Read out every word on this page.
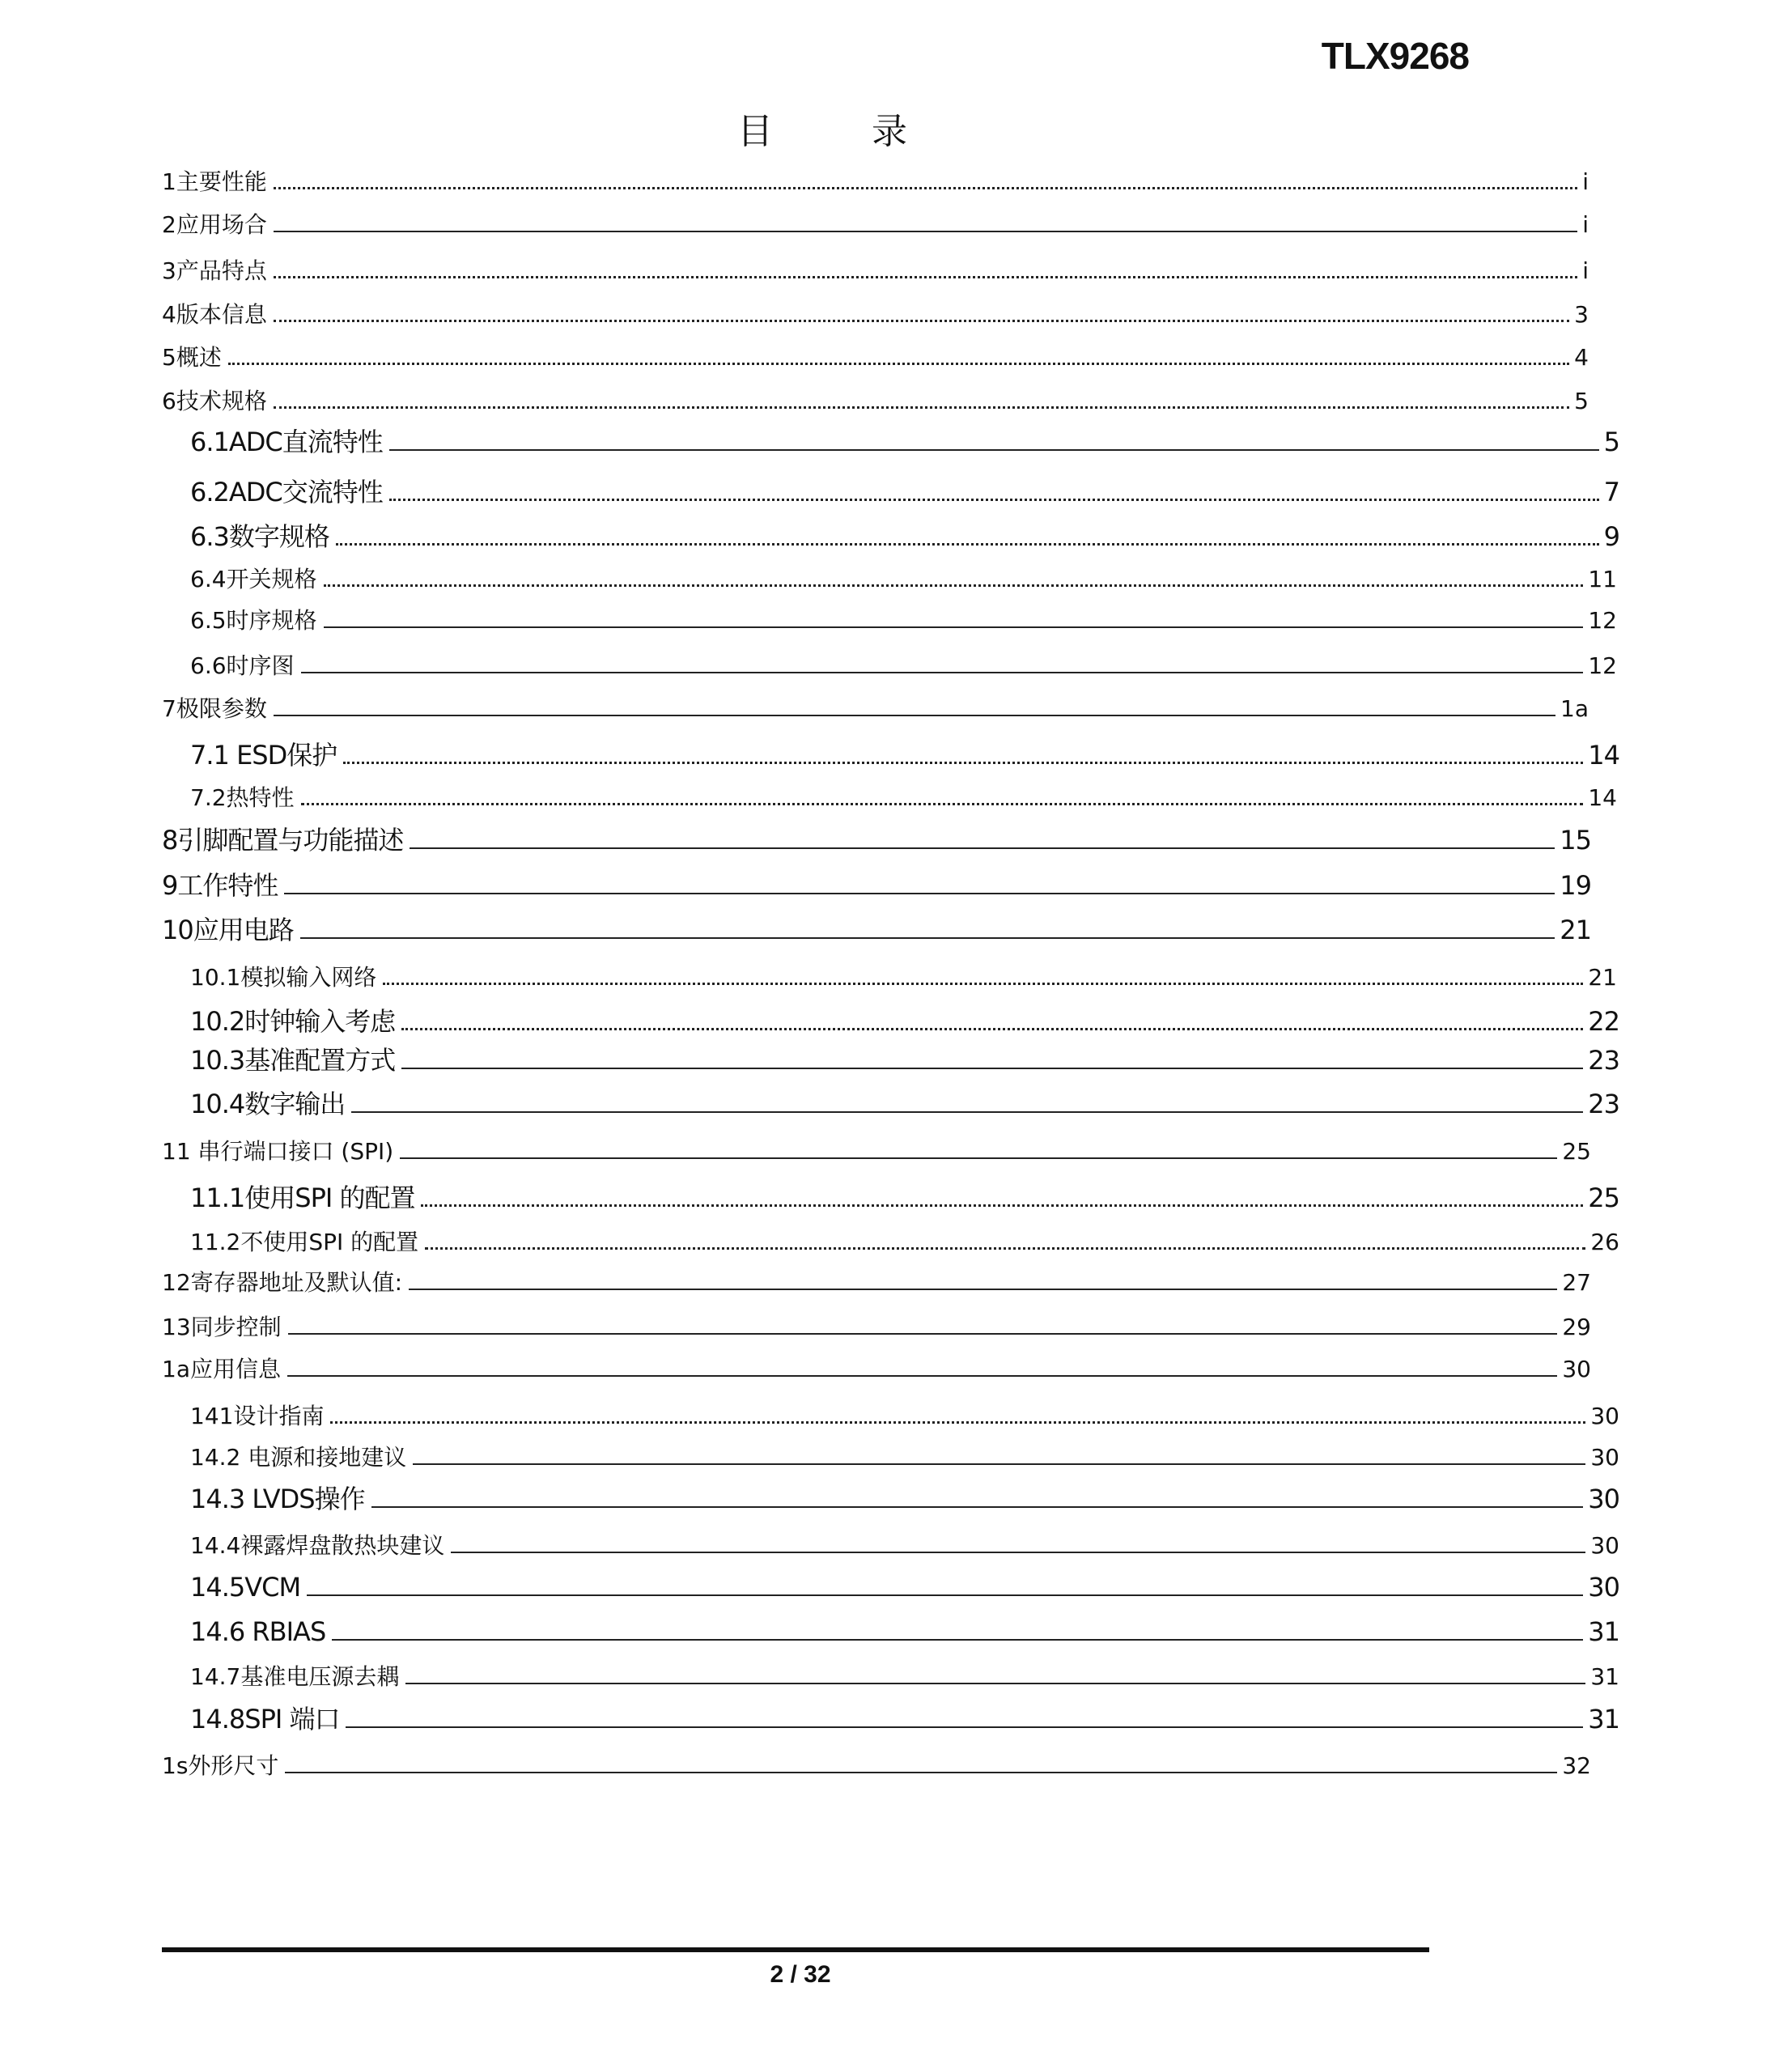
TLX9268
目 录
1主要性能	i
2应用场合	i
3产品特点	i
4版本信息	3
5概述	4
6技术规格	5
6.1ADC直流特性	5
6.2ADC交流特性	7
6.3数字规格	9
6.4开关规格	11
6.5时序规格	12
6.6时序图	12
7极限参数	1a
7.1 ESD保护	14
7.2热特性	14
8引脚配置与功能描述	15
9工作特性	19
10应用电路	21
10.1模拟输入网络	21
10.2时钟输入考虑	22
10.3基准配置方式	23
10.4数字输出	23
11 串行端口接口 (SPI)	25
11.1使用SPI 的配置	25
11.2不使用SPI 的配置	26
12寄存器地址及默认值:	27
13同步控制	29
1a应用信息	30
141设计指南	30
14.2 电源和接地建议	30
14.3 LVDS操作	30
14.4裸露焊盘散热块建议	30
14.5VCM	30
14.6 RBIAS	31
14.7基准电压源去耦	31
14.8SPI 端口	31
1s外形尺寸	32
2 / 32
